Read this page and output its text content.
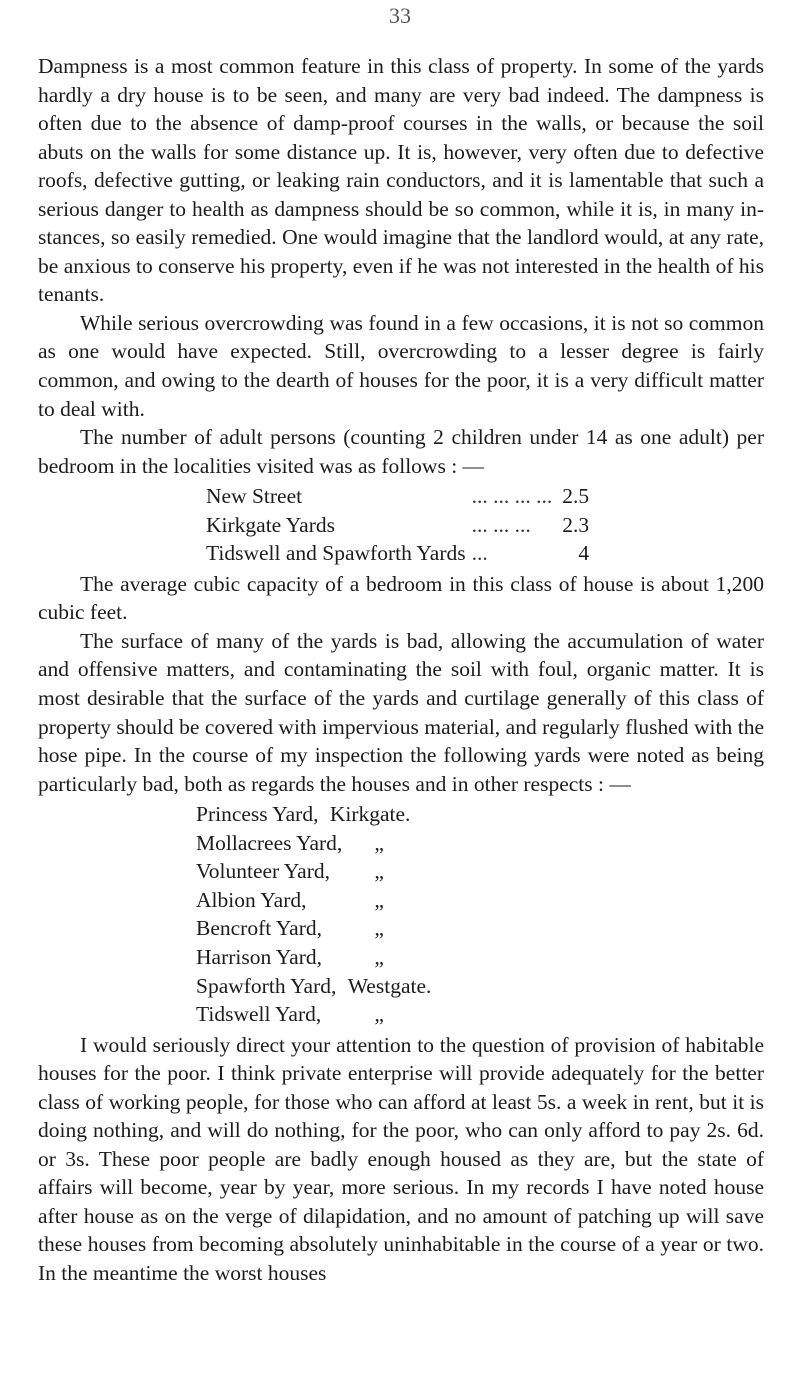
33

Dampness is a most common feature in this class of property. In some of the yards hardly a dry house is to be seen, and many are very bad indeed. The dampness is often due to the absence of damp-proof courses in the walls, or because the soil abuts on the walls for some distance up. It is, however, very often due to defective roofs, defective gutting, or leaking rain conductors, and it is lamentable that such a serious danger to health as dampness should be so common, while it is, in many instances, so easily remedied. One would imagine that the landlord would, at any rate, be anxious to conserve his property, even if he was not interested in the health of his tenants.

While serious overcrowding was found in a few occasions, it is not so common as one would have expected. Still, overcrowding to a lesser degree is fairly common, and owing to the dearth of houses for the poor, it is a very difficult matter to deal with.

The number of adult persons (counting 2 children under 14 as one adult) per bedroom in the localities visited was as follows : —

New Street	... ... ... ...	2.5
Kirkgate Yards	... ... ...	2.3
Tidswell and Spawforth Yards	...	4

The average cubic capacity of a bedroom in this class of house is about 1,200 cubic feet.

The surface of many of the yards is bad, allowing the accumulation of water and offensive matters, and contaminating the soil with foul, organic matter. It is most desirable that the surface of the yards and curtilage generally of this class of property should be covered with impervious material, and regularly flushed with the hose pipe. In the course of my inspection the following yards were noted as being particularly bad, both as regards the houses and in other respects : —

Princess Yard, Kirkgate.
Mollacrees Yard, „
Volunteer Yard, „
Albion Yard,	„
Bencroft Yard, „
Harrison Yard, „
Spawforth Yard, Westgate.
Tidswell Yard, „

I would seriously direct your attention to the question of provision of habitable houses for the poor. I think private enterprise will provide adequately for the better class of working people, for those who can afford at least 5s. a week in rent, but it is doing nothing, and will do nothing, for the poor, who can only afford to pay 2s. 6d. or 3s. These poor people are badly enough housed as they are, but the state of affairs will become, year by year, more serious. In my records I have noted house after house as on the verge of dilapidation, and no amount of patching up will save these houses from becoming absolutely uninhabitable in the course of a year or two. In the meantime the worst houses
